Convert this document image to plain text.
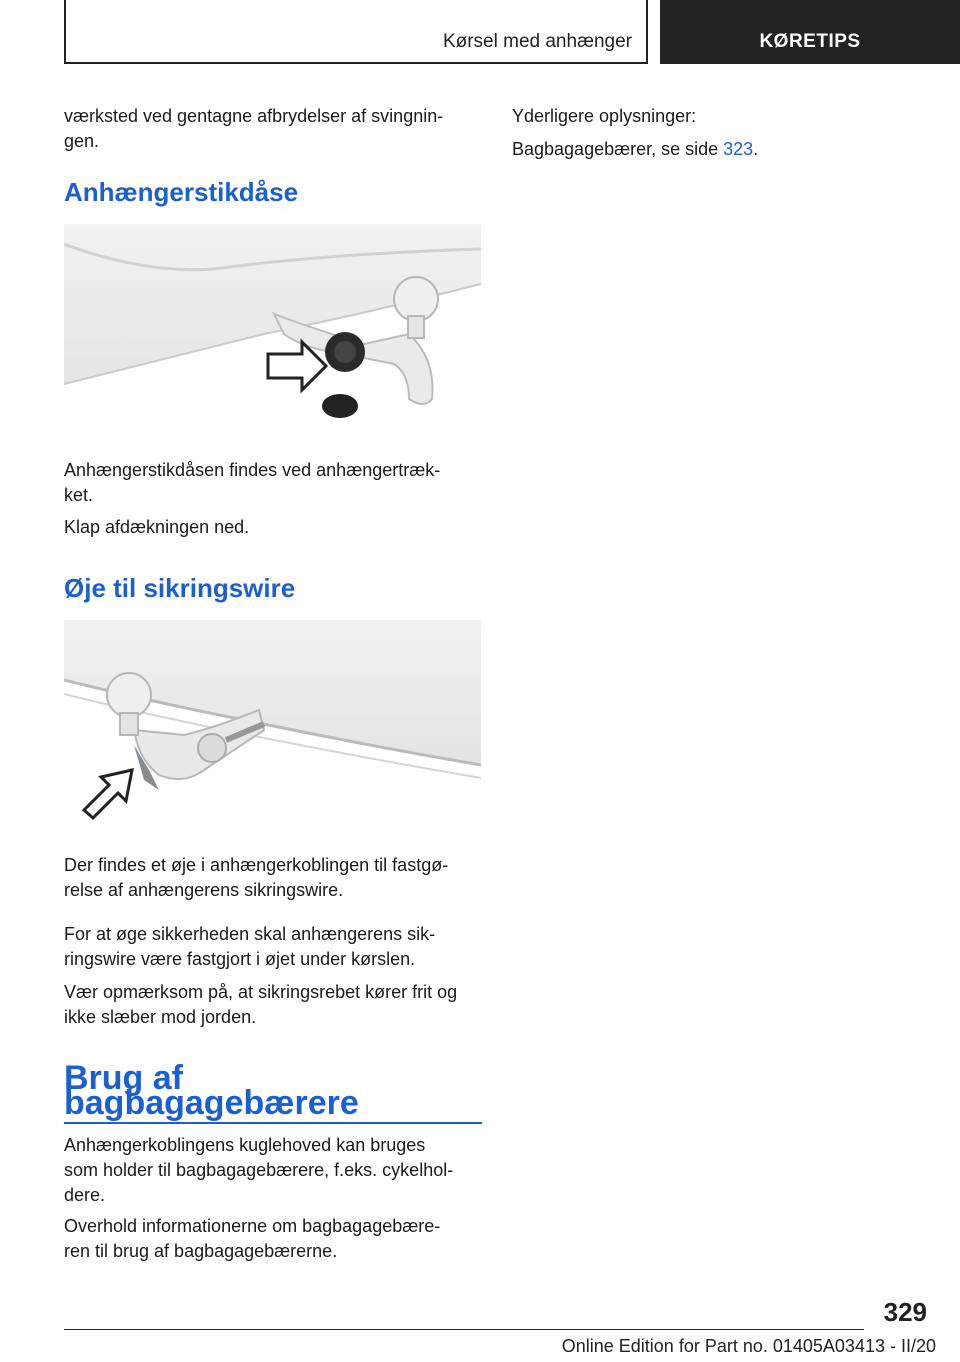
Kørsel med anhænger	KØRETIPS
værksted ved gentagne afbrydelser af svingnin-
gen.
Anhængerstikdåse
Anhængerstikdåsen findes ved anhængertræk-
ket.
Klap afdækningen ned.
Øje til sikringswire
Der findes et øje i anhængerkoblingen til fastgø-
relse af anhængerens sikringswire.
For at øge sikkerheden skal anhængerens sik-
ringswire være fastgjort i øjet under kørslen.
Vær opmærksom på, at sikringsrebet kører frit og
ikke slæber mod jorden.
Brug af bagbagagebærere
Anhængerkoblingens kuglehoved kan bruges
som holder til bagbagagebærere, f.eks. cykelhol-
dere.
Overhold informationerne om bagbagagebære-
ren til brug af bagbagagebærerne.
Yderligere oplysninger:
Bagbagagebærer, se side 323.
329
Online Edition for Part no. 01405A03413 - II/20
